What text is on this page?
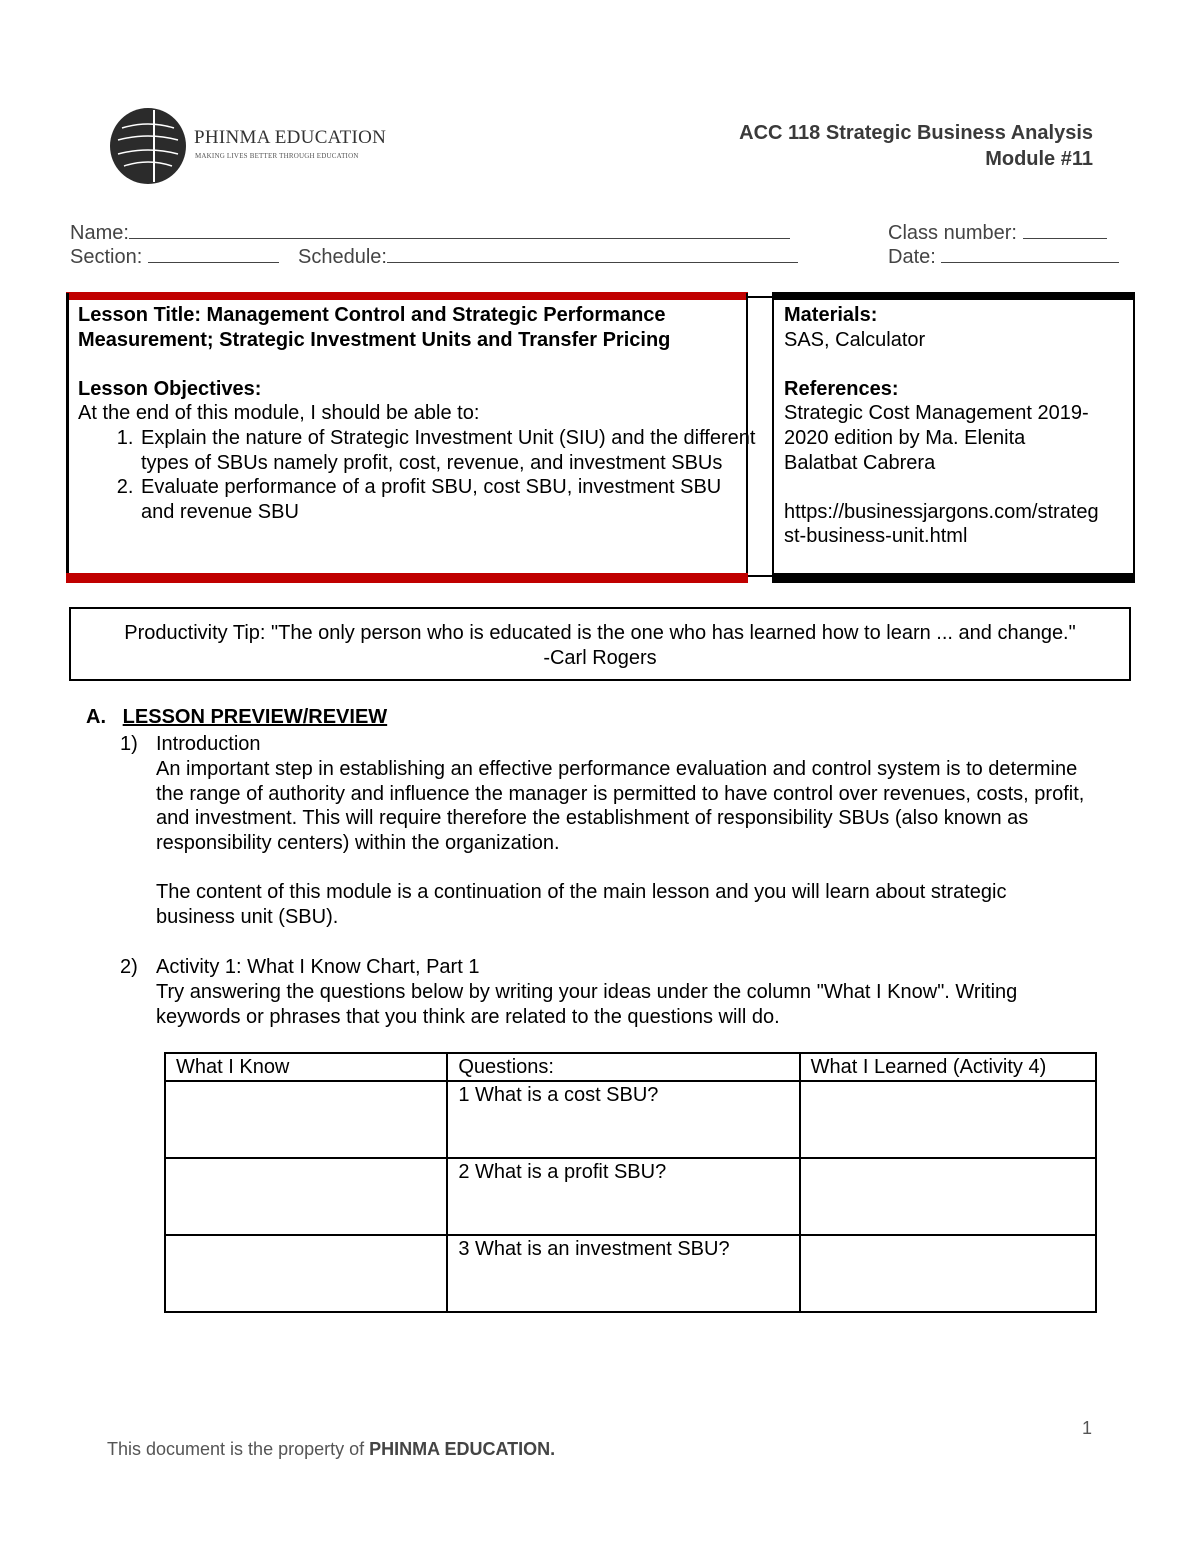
PHINMA EDUCATION
MAKING LIVES BETTER THROUGH EDUCATION
ACC 118 Strategic Business Analysis
Module #11
Name:	Class number:
Section:	Schedule:	Date:
Lesson Title: Management Control and Strategic Performance
Measurement; Strategic Investment Units and Transfer Pricing
Lesson Objectives:
At the end of this module, I should be able to:
1. Explain the nature of Strategic Investment Unit (SIU) and the different types of SBUs namely profit, cost, revenue, and investment SBUs
2. Evaluate performance of a profit SBU, cost SBU, investment SBU and revenue SBU
Materials:
SAS, Calculator
References:
Strategic Cost Management 2019-
2020 edition by Ma. Elenita
Balatbat Cabrera
https://businessjargons.com/strateg
st-business-unit.html
Productivity Tip: "The only person who is educated is the one who has learned how to learn ... and change."
-Carl Rogers
A. LESSON PREVIEW/REVIEW
1) Introduction
An important step in establishing an effective performance evaluation and control system is to determine the range of authority and influence the manager is permitted to have control over revenues, costs, profit, and investment. This will require therefore the establishment of responsibility SBUs (also known as responsibility centers) within the organization.
The content of this module is a continuation of the main lesson and you will learn about strategic business unit (SBU).
2) Activity 1: What I Know Chart, Part 1
Try answering the questions below by writing your ideas under the column "What I Know". Writing keywords or phrases that you think are related to the questions will do.
What I Know	Questions:	What I Learned (Activity 4)
	1 What is a cost SBU?	
	2 What is a profit SBU?	
	3 What is an investment SBU?	
1
This document is the property of PHINMA EDUCATION.
